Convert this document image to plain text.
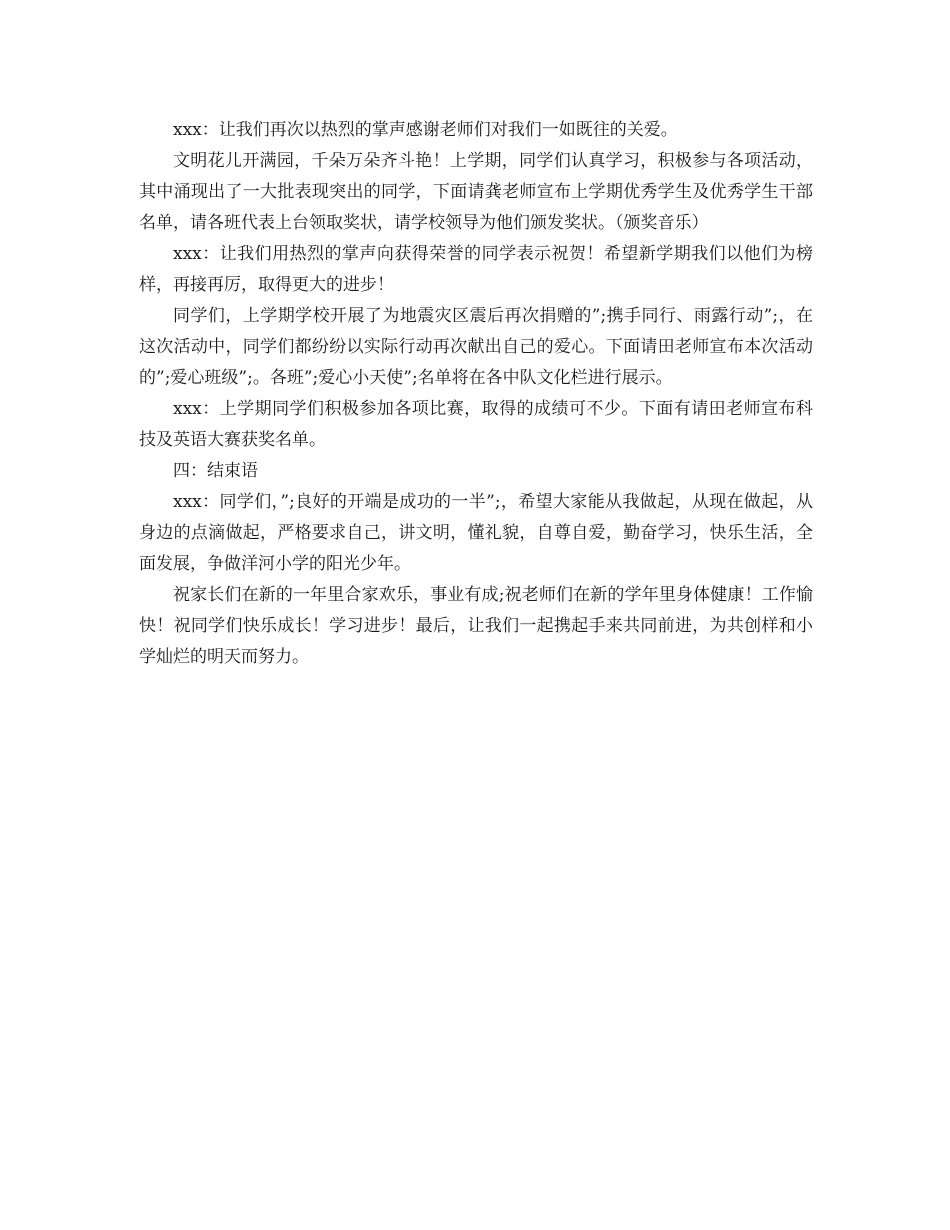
xxx：让我们再次以热烈的掌声感谢老师们对我们一如既往的关爱。

文明花儿开满园，千朵万朵齐斗艳！上学期，同学们认真学习，积极参与各项活动，其中涌现出了一大批表现突出的同学，下面请龚老师宣布上学期优秀学生及优秀学生干部名单，请各班代表上台领取奖状，请学校领导为他们颁发奖状。（颁奖音乐）

xxx：让我们用热烈的掌声向获得荣誉的同学表示祝贺！希望新学期我们以他们为榜样，再接再厉，取得更大的进步！

同学们，上学期学校开展了为地震灾区震后再次捐赠的”;携手同行、雨露行动”;，在这次活动中，同学们都纷纷以实际行动再次献出自己的爱心。下面请田老师宣布本次活动的”;爱心班级”;。各班”;爱心小天使”;名单将在各中队文化栏进行展示。

xxx：上学期同学们积极参加各项比赛，取得的成绩可不少。下面有请田老师宣布科技及英语大赛获奖名单。

四：结束语

xxx：同学们，”;良好的开端是成功的一半”;，希望大家能从我做起，从现在做起，从身边的点滴做起，严格要求自己，讲文明，懂礼貌，自尊自爱，勤奋学习，快乐生活，全面发展，争做洋河小学的阳光少年。

祝家长们在新的一年里合家欢乐，事业有成;祝老师们在新的学年里身体健康！工作愉快！祝同学们快乐成长！学习进步！最后，让我们一起携起手来共同前进，为共创样和小学灿烂的明天而努力。
